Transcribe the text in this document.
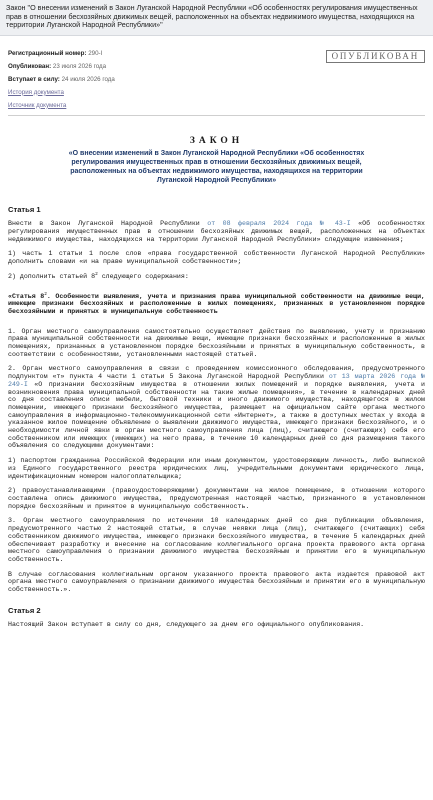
Закон "О внесении изменений в Закон Луганской Народной Республики «Об особенностях регулирования имущественных прав в отношении бесхозяйных движимых вещей, расположенных на объектах недвижимого имущества, находящихся на территории Луганской Народной Республики»"
ОПУБЛИКОВАН
Регистрационный номер: 290-I
Опубликован: 23 июля 2026 года
Вступает в силу: 24 июля 2026 года
История документа
Источник документа
ЗАКОН
«О внесении изменений в Закон Луганской Народной Республики «Об особенностях регулирования имущественных прав в отношении бесхозяйных движимых вещей, расположенных на объектах недвижимого имущества, находящихся на территории Луганской Народной Республики»
Статья 1

Внести в Закон Луганской Народной Республики от 08 февраля 2024 года № 43-I «Об особенностях регулирования имущественных прав в отношении бесхозяйных движимых вещей, расположенных на объектах недвижимого имущества, находящихся на территории Луганской Народной Республики» следующие изменения;

1) часть 1 статьи 1 после слов «права государственной собственности Луганской Народной Республики» дополнить словами «и на праве муниципальной собственности»;

2) дополнить статьей $8^2$ следующего содержания:

«Статья $8^2$. Особенности выявления, учета и признания права муниципальной собственности на движимые вещи, имеющие признаки бесхозяйных и расположенные в жилых помещениях, признанных в установленном порядке бесхозяйными и принятых в муниципальную собственность

1. Орган местного самоуправления самостоятельно осуществляет действия по выявлению, учету и признанию права муниципальной собственности на движимые вещи, имеющие признаки бесхозяйных и расположенные в жилых помещениях, признанных в установленном порядке бесхозяйными и принятых в муниципальную собственность, в соответствии с особенностями, установленными настоящей статьей.

2. Орган местного самоуправления в связи с проведением комиссионного обследования, предусмотренного подпунктом «т» пункта 4 части 1 статьи 5 Закона Луганской Народной Республики от 13 марта 2026 года № 249-I «О признании бесхозяйным имущества в отношении жилых помещений и порядке выявления, учета и возникновения права муниципальной собственности на такие жилые помещения», в течение в календарных дней со дня составления описи мебели, бытовой техники и иного движимого имущества, находящегося в жилом помещении, имеющего признаки бесхозяйного имущества, размещает на официальном сайте органа местного самоуправления в информационно-телекоммуникационной сети «Интернет», а также в доступных местах у входа в указанное жилое помещение объявление о выявлении движимого имущества, имеющего признаки бесхозяйного, и о необходимости личной явки в орган местного самоуправления лица (лиц), считающего (считающих) себя его собственником или имеющих (имеющих) на него права, в течение 10 календарных дней со дня размещения такого объявления со следующими документами:

1) паспортом гражданина Российской Федерации или иным документом, удостоверяющим личность, либо выпиской из Единого государственного реестра юридических лиц, учредительными документами юридического лица, идентификационным номером налогоплательщика;

2) правоустанавливающими (правоудостоверяющими) документами на жилое помещение, в отношении которого составлена опись движимого имущества, предусмотренная настоящей частью, признанного в установленном порядке бесхозяйным и принятое в муниципальную собственность.

3. Орган местного самоуправления по истечении 10 календарных дней со дня публикации объявления, предусмотренного частью 2 настоящей статьи, в случае неявки лица (лиц), считающего (считающих) себя собственником движимого имущества, имеющего признаки бесхозяйного имущества, в течение 5 календарных дней обеспечивает разработку и внесение на согласование коллегиального органа проекта правового акта органа местного самоуправления о признании движимого имущества бесхозяйным и принятии его в муниципальную собственность.

В случае согласования коллегиальным органом указанного проекта правового акта издается правовой акт органа местного самоуправления о признании движимого имущества бесхозяйным и принятии его в муниципальную собственность.».

Статья 2

Настоящий Закон вступает в силу со дня, следующего за днем его официального опубликования.
